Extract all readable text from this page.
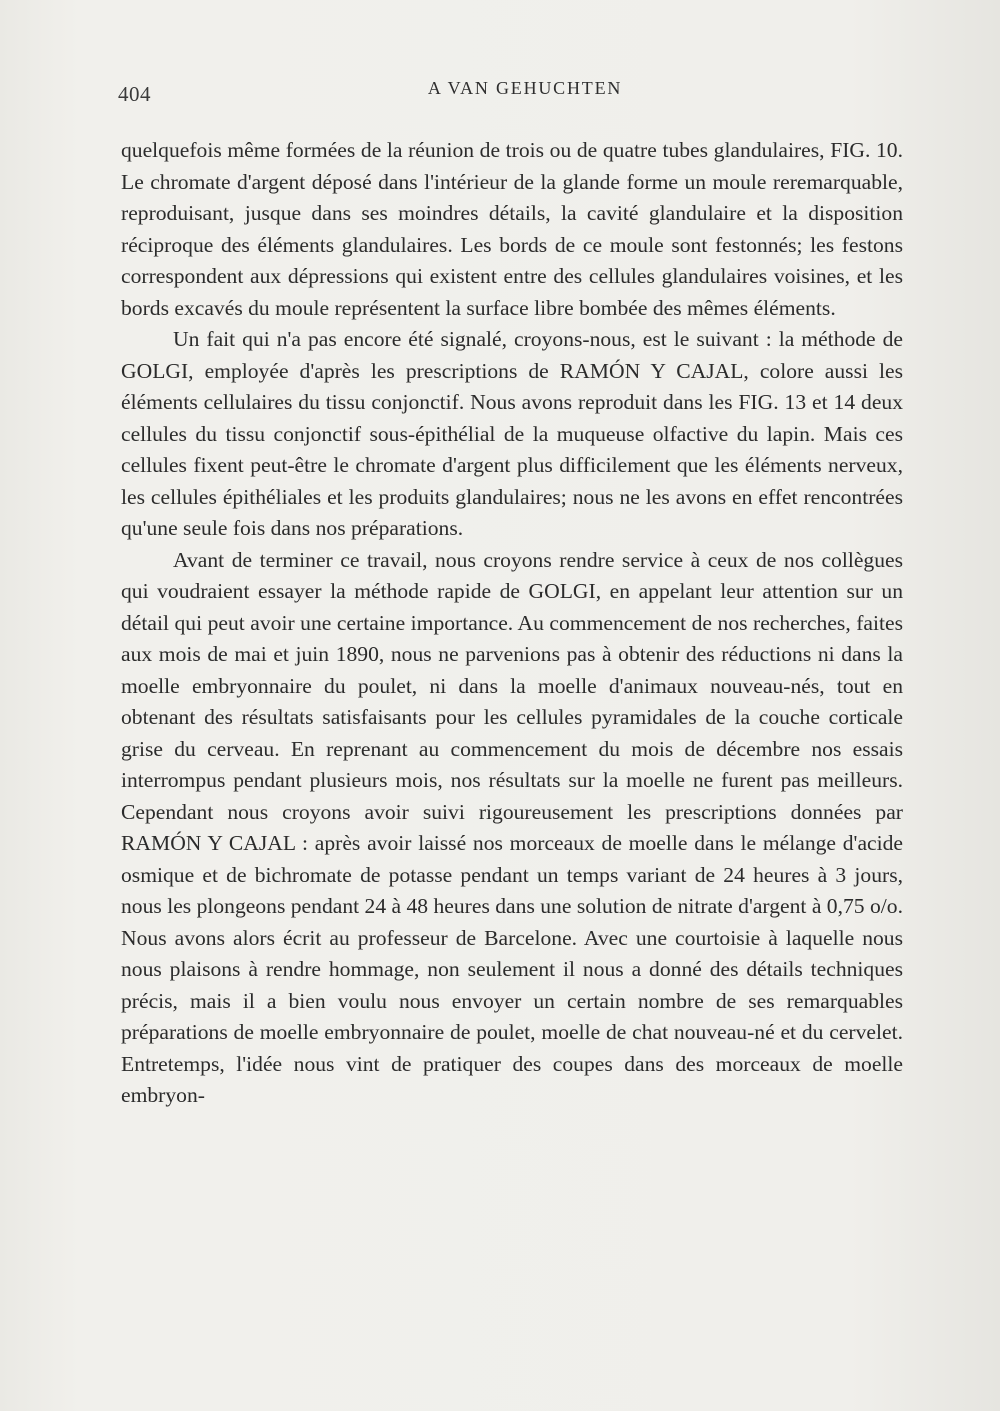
404	A VAN GEHUCHTEN

quelquefois même formées de la réunion de trois ou de quatre tubes glandulaires, FIG. 10. Le chromate d'argent déposé dans l'intérieur de la glande forme un moule reremarquable, reproduisant, jusque dans ses moindres détails, la cavité glandulaire et la disposition réciproque des éléments glandulaires. Les bords de ce moule sont festonnés; les festons correspondent aux dépressions qui existent entre des cellules glandulaires voisines, et les bords excavés du moule représentent la surface libre bombée des mêmes éléments.

Un fait qui n'a pas encore été signalé, croyons-nous, est le suivant : la méthode de GOLGI, employée d'après les prescriptions de RAMÓN Y CAJAL, colore aussi les éléments cellulaires du tissu conjonctif. Nous avons reproduit dans les FIG. 13 et 14 deux cellules du tissu conjonctif sous-épithélial de la muqueuse olfactive du lapin. Mais ces cellules fixent peut-être le chromate d'argent plus difficilement que les éléments nerveux, les cellules épithéliales et les produits glandulaires; nous ne les avons en effet rencontrées qu'une seule fois dans nos préparations.

Avant de terminer ce travail, nous croyons rendre service à ceux de nos collègues qui voudraient essayer la méthode rapide de GOLGI, en appelant leur attention sur un détail qui peut avoir une certaine importance. Au commencement de nos recherches, faites aux mois de mai et juin 1890, nous ne parvenions pas à obtenir des réductions ni dans la moelle embryonnaire du poulet, ni dans la moelle d'animaux nouveau-nés, tout en obtenant des résultats satisfaisants pour les cellules pyramidales de la couche corticale grise du cerveau. En reprenant au commencement du mois de décembre nos essais interrompus pendant plusieurs mois, nos résultats sur la moelle ne furent pas meilleurs. Cependant nous croyons avoir suivi rigoureusement les prescriptions données par RAMÓN Y CAJAL : après avoir laissé nos morceaux de moelle dans le mélange d'acide osmique et de bichromate de potasse pendant un temps variant de 24 heures à 3 jours, nous les plongeons pendant 24 à 48 heures dans une solution de nitrate d'argent à 0,75 o/o. Nous avons alors écrit au professeur de Barcelone. Avec une courtoisie à laquelle nous nous plaisons à rendre hommage, non seulement il nous a donné des détails techniques précis, mais il a bien voulu nous envoyer un certain nombre de ses remarquables préparations de moelle embryonnaire de poulet, moelle de chat nouveau-né et du cervelet. Entretemps, l'idée nous vint de pratiquer des coupes dans des morceaux de moelle embryon-
